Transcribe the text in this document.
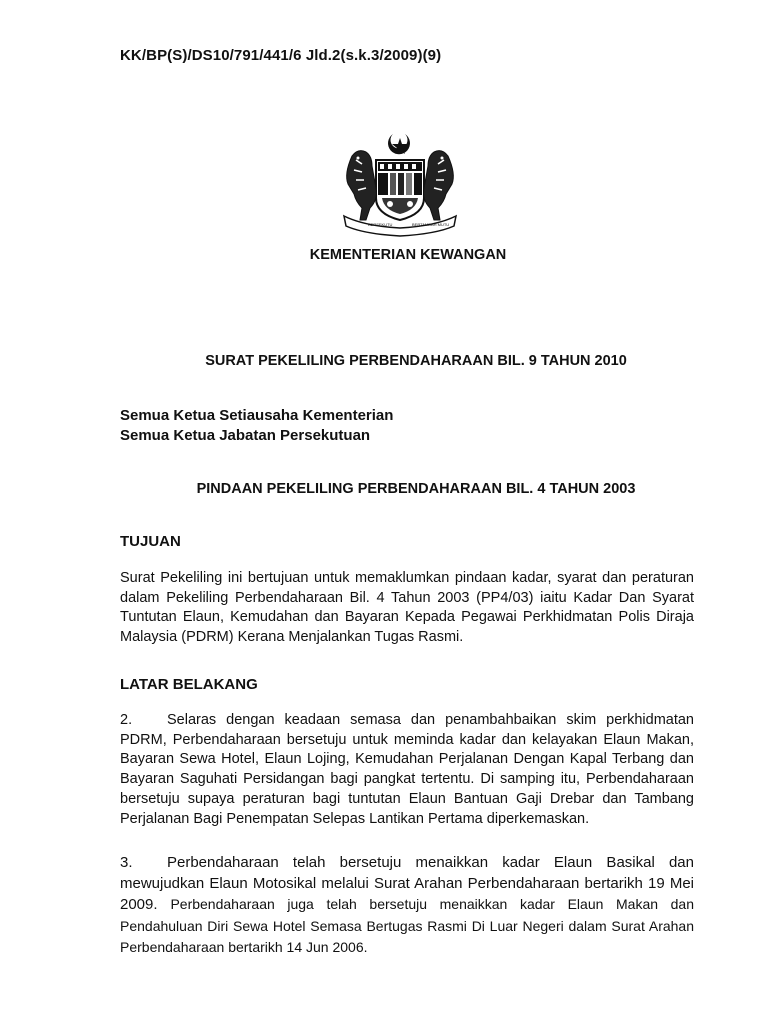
KK/BP(S)/DS10/791/441/6 Jld.2(s.k.3/2009)(9)
BERSEKUTU	BERTAMBAH MUTU
KEMENTERIAN KEWANGAN
SURAT PEKELILING PERBENDAHARAAN BIL. 9 TAHUN 2010
Semua Ketua Setiausaha Kementerian
Semua Ketua Jabatan Persekutuan
PINDAAN PEKELILING PERBENDAHARAAN BIL. 4 TAHUN 2003
TUJUAN
Surat Pekeliling ini bertujuan untuk memaklumkan pindaan kadar, syarat dan peraturan dalam Pekeliling Perbendaharaan Bil. 4 Tahun 2003 (PP4/03) iaitu Kadar Dan Syarat Tuntutan Elaun, Kemudahan dan Bayaran Kepada Pegawai Perkhidmatan Polis Diraja Malaysia (PDRM) Kerana Menjalankan Tugas Rasmi.
LATAR BELAKANG
2. Selaras dengan keadaan semasa dan penambahbaikan skim perkhidmatan PDRM, Perbendaharaan bersetuju untuk meminda kadar dan kelayakan Elaun Makan, Bayaran Sewa Hotel, Elaun Lojing, Kemudahan Perjalanan Dengan Kapal Terbang dan Bayaran Saguhati Persidangan bagi pangkat tertentu. Di samping itu, Perbendaharaan bersetuju supaya peraturan bagi tuntutan Elaun Bantuan Gaji Drebar dan Tambang Perjalanan Bagi Penempatan Selepas Lantikan Pertama diperkemaskan.
3. Perbendaharaan telah bersetuju menaikkan kadar Elaun Basikal dan mewujudkan Elaun Motosikal melalui Surat Arahan Perbendaharaan bertarikh 19 Mei 2009. Perbendaharaan juga telah bersetuju menaikkan kadar Elaun Makan dan Pendahuluan Diri Sewa Hotel Semasa Bertugas Rasmi Di Luar Negeri dalam Surat Arahan Perbendaharaan bertarikh 14 Jun 2006.
